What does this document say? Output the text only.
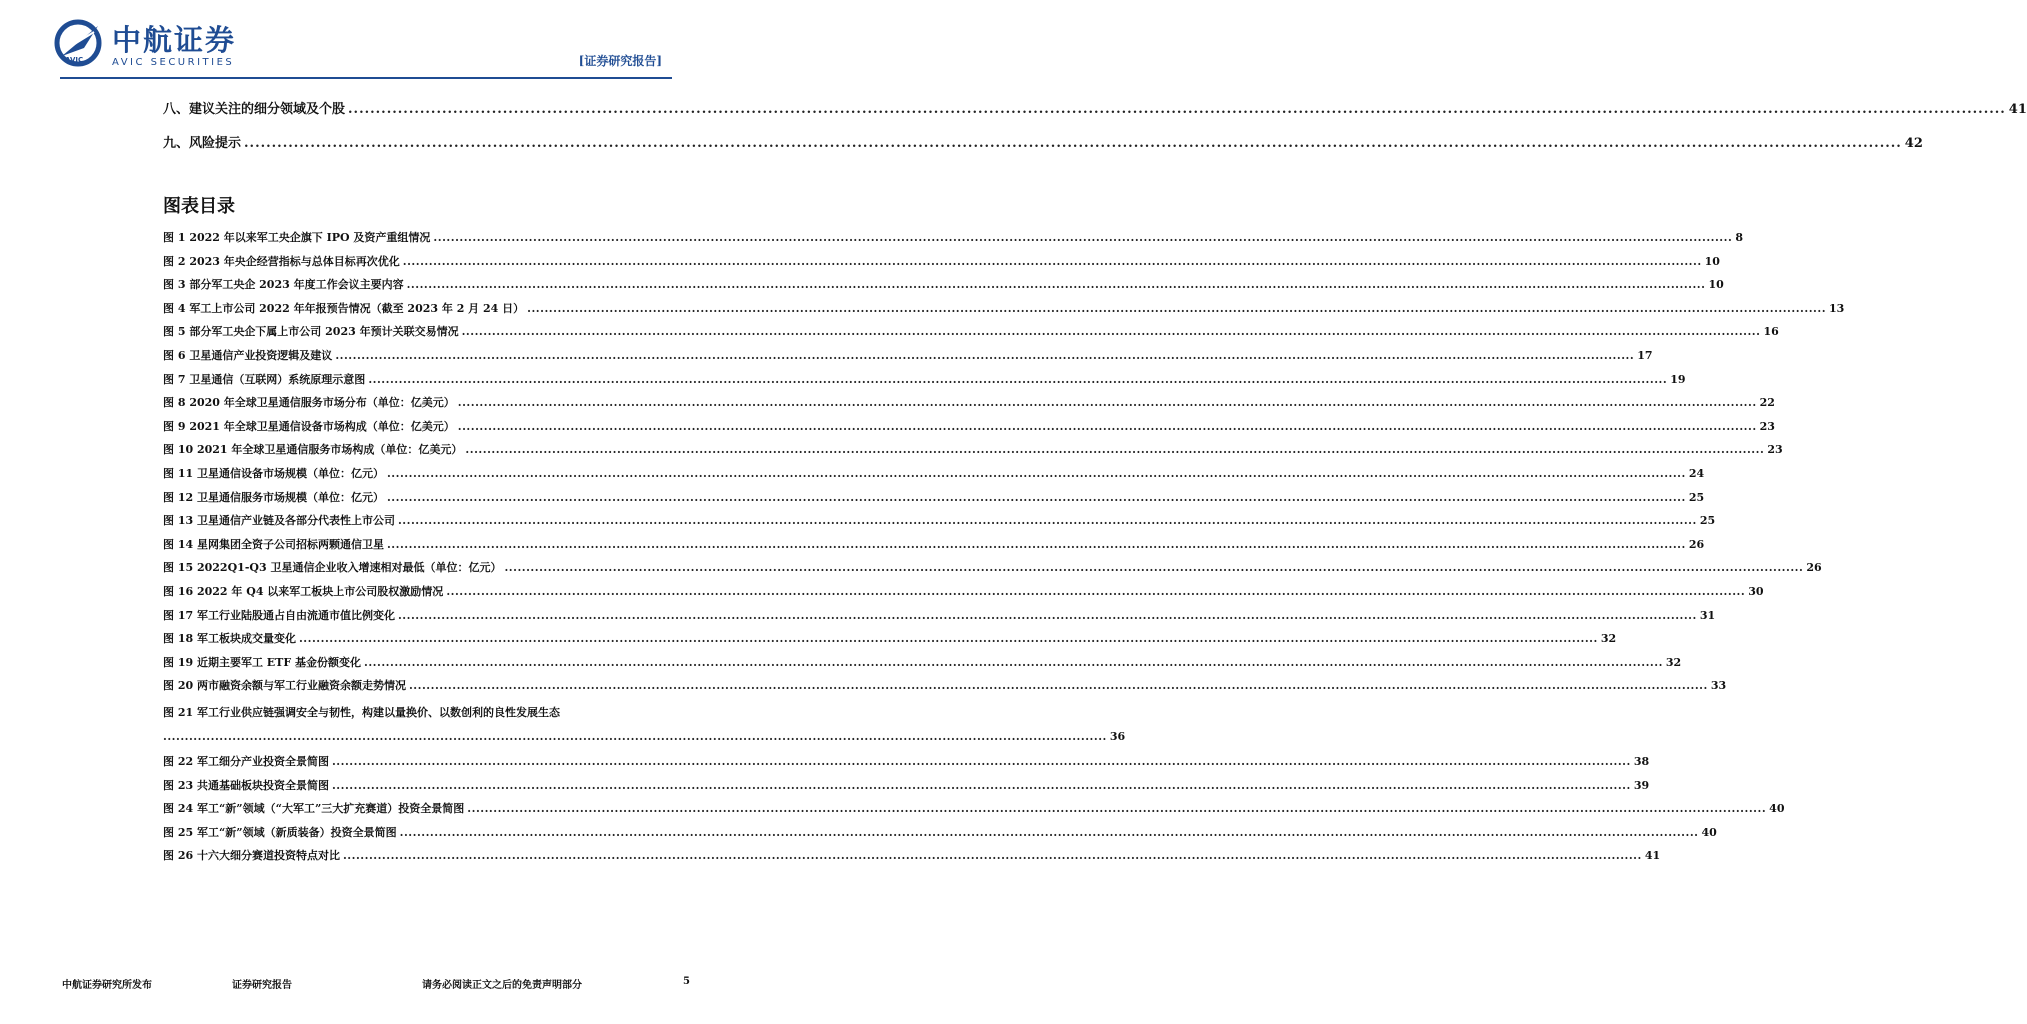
AVIC
中航证券
AVIC SECURITIES	[证券研究报告]
八、 建议关注的细分领域及个股 ............................................................................................................................................................................................................................................................................................................ 41
九、 风险提示 ............................................................................................................................................................................................................................................................................................................ 42
图表目录
图 1 2022 年以来军工央企旗下 IPO 及资产重组情况 ............................................................................................................................................................................................................................................................................................................ 8
图 2 2023 年央企经营指标与总体目标再次优化 ............................................................................................................................................................................................................................................................................................................ 10
图 3 部分军工央企 2023 年度工作会议主要内容 ............................................................................................................................................................................................................................................................................................................ 10
图 4 军工上市公司 2022 年年报预告情况（截至 2023 年 2 月 24 日） ............................................................................................................................................................................................................................................................................................................ 13
图 5 部分军工央企下属上市公司 2023 年预计关联交易情况 ............................................................................................................................................................................................................................................................................................................ 16
图 6 卫星通信产业投资逻辑及建议 ............................................................................................................................................................................................................................................................................................................ 17
图 7 卫星通信（互联网）系统原理示意图 ............................................................................................................................................................................................................................................................................................................ 19
图 8 2020 年全球卫星通信服务市场分布（单位：亿美元） ............................................................................................................................................................................................................................................................................................................ 22
图 9 2021 年全球卫星通信设备市场构成（单位：亿美元） ............................................................................................................................................................................................................................................................................................................ 23
图 10 2021 年全球卫星通信服务市场构成（单位：亿美元） ............................................................................................................................................................................................................................................................................................................ 23
图 11 卫星通信设备市场规模（单位：亿元） ............................................................................................................................................................................................................................................................................................................ 24
图 12 卫星通信服务市场规模（单位：亿元） ............................................................................................................................................................................................................................................................................................................ 25
图 13 卫星通信产业链及各部分代表性上市公司 ............................................................................................................................................................................................................................................................................................................ 25
图 14 星网集团全资子公司招标两颗通信卫星 ............................................................................................................................................................................................................................................................................................................ 26
图 15 2022Q1-Q3 卫星通信企业收入增速相对最低（单位：亿元） ............................................................................................................................................................................................................................................................................................................ 26
图 16 2022 年 Q4 以来军工板块上市公司股权激励情况 ............................................................................................................................................................................................................................................................................................................ 30
图 17 军工行业陆股通占自由流通市值比例变化 ............................................................................................................................................................................................................................................................................................................ 31
图 18 军工板块成交量变化 ............................................................................................................................................................................................................................................................................................................ 32
图 19 近期主要军工 ETF 基金份额变化 ............................................................................................................................................................................................................................................................................................................ 32
图 20 两市融资余额与军工行业融资余额走势情况 ............................................................................................................................................................................................................................................................................................................ 33
图 21 军工行业供应链强调安全与韧性，构建以量换价、以数创利的良性发展生态
.......................................................................................................................................................................................................................... 36
图 22 军工细分产业投资全景简图 ............................................................................................................................................................................................................................................................................................................ 38
图 23 共通基础板块投资全景简图 ............................................................................................................................................................................................................................................................................................................ 39
图 24 军工“新”领域（“大军工”三大扩充赛道）投资全景简图 ............................................................................................................................................................................................................................................................................................................ 40
图 25 军工“新”领域（新质装备）投资全景简图 ............................................................................................................................................................................................................................................................................................................ 40
图 26 十六大细分赛道投资特点对比 ............................................................................................................................................................................................................................................................................................................ 41
中航证券研究所发布	证券研究报告	请务必阅读正文之后的免责声明部分	5
